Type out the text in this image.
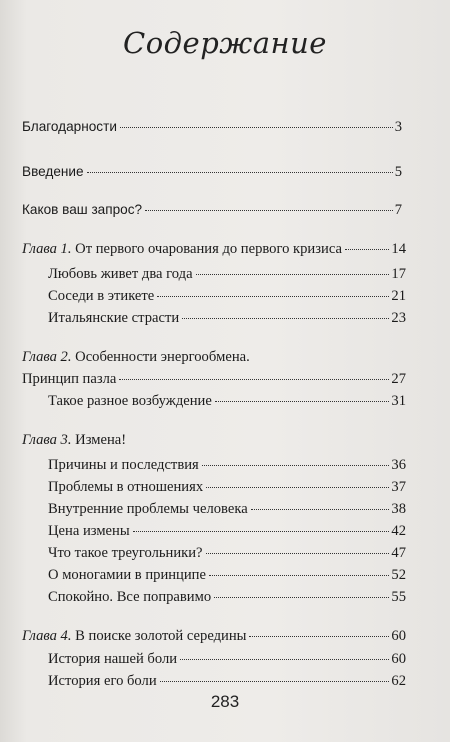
Содержание
Благодарности	3
Введение	5
Каков ваш запрос?	7
Глава 1. От первого очарования до первого кризиса	14
Любовь живет два года	17
Соседи в этикете	21
Итальянские страсти	23
Глава 2. Особенности энергообмена.
Принцип пазла	27
Такое разное возбуждение	31
Глава 3. Измена!
Причины и последствия	36
Проблемы в отношениях	37
Внутренние проблемы человека	38
Цена измены	42
Что такое треугольники?	47
О моногамии в принципе	52
Спокойно. Все поправимо	55
Глава 4. В поиске золотой середины	60
История нашей боли	60
История его боли	62
283
